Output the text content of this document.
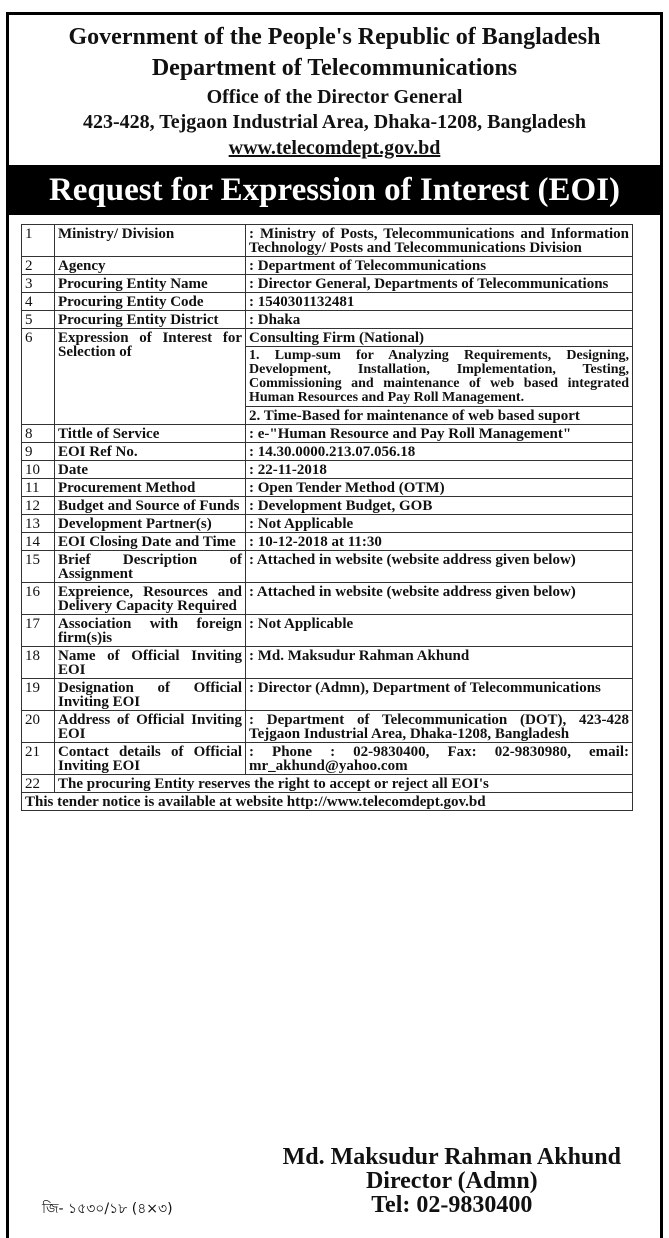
Government of the People's Republic of Bangladesh
Department of Telecommunications
Office of the Director General
423-428, Tejgaon Industrial Area, Dhaka-1208, Bangladesh
www.telecomdept.gov.bd
Request for Expression of Interest (EOI)
1	Ministry/ Division	: Ministry of Posts, Telecommunications and Information Technology/ Posts and Telecommunications Division
2	Agency	: Department of Telecommunications
3	Procuring Entity Name	: Director General, Departments of Telecommunications
4	Procuring Entity Code	: 1540301132481
5	Procuring Entity District	: Dhaka
6	Expression of Interest for Selection of	Consulting Firm (National)
		1. Lump-sum for Analyzing Requirements, Designing, Development, Installation, Implementation, Testing, Commissioning and maintenance of web based integrated Human Resources and Pay Roll Management.
		2. Time-Based for maintenance of web based suport
8	Tittle of Service	: e-"Human Resource and Pay Roll Management"
9	EOI Ref No.	: 14.30.0000.213.07.056.18
10	Date	: 22-11-2018
11	Procurement Method	: Open Tender Method (OTM)
12	Budget and Source of Funds	: Development Budget, GOB
13	Development Partner(s)	: Not Applicable
14	EOI Closing Date and Time	: 10-12-2018 at 11:30
15	Brief Description of Assignment	: Attached in website (website address given below)
16	Expreience, Resources and Delivery Capacity Required	: Attached in website (website address given below)
17	Association with foreign firm(s)is	: Not Applicable
18	Name of Official Inviting EOI	: Md. Maksudur Rahman Akhund
19	Designation of Official Inviting EOI	: Director (Admn), Department of Telecommunications
20	Address of Official Inviting EOI	: Department of Telecommunication (DOT), 423-428 Tejgaon Industrial Area, Dhaka-1208, Bangladesh
21	Contact details of Official Inviting EOI	: Phone : 02-9830400, Fax: 02-9830980, email: mr_akhund@yahoo.com
22	The procuring Entity reserves the right to accept or reject all EOI's	
This tender notice is available at website http://www.telecomdept.gov.bd		
Md. Maksudur Rahman Akhund
Director (Admn)
Tel: 02-9830400
জি- ১৫৩০/১৮ (৪×৩)
